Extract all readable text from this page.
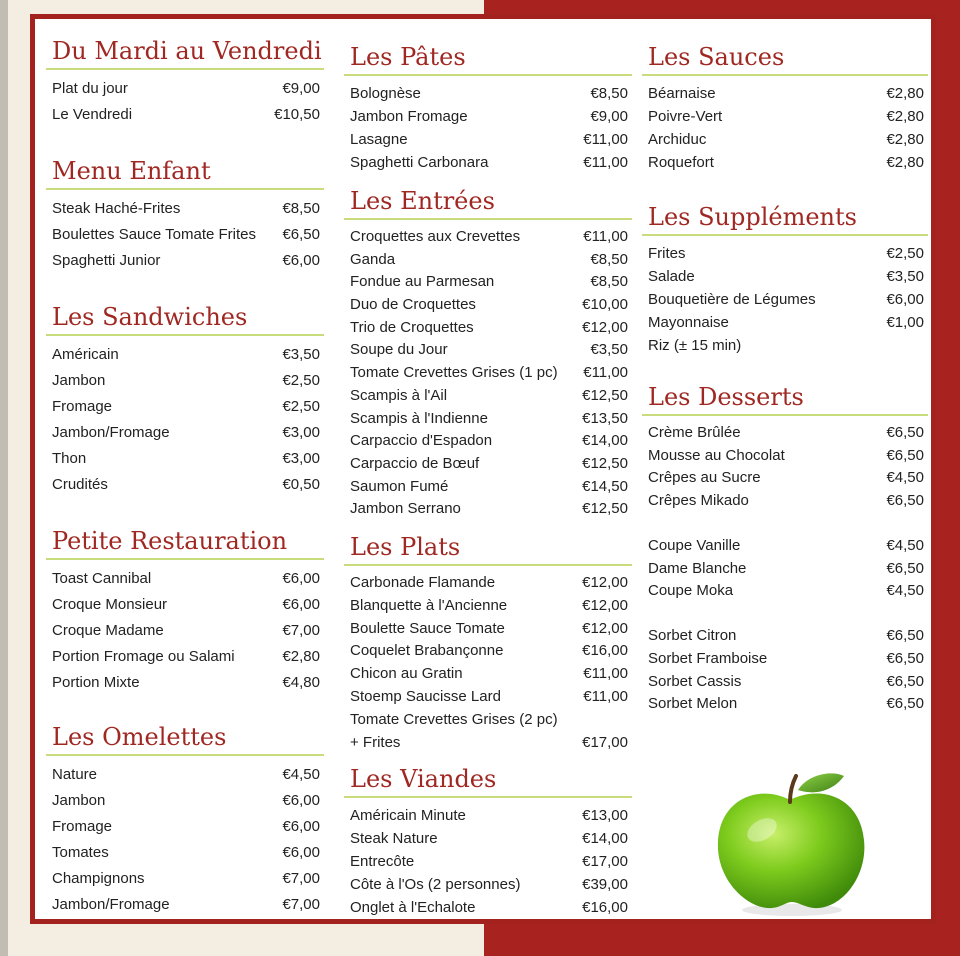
Du Mardi au Vendredi
Plat du jour	€9,00
Le Vendredi	€10,50
Menu Enfant
Steak Haché-Frites	€8,50
Boulettes Sauce Tomate Frites €6,50
Spaghetti Junior	€6,00
Les Sandwiches
Américain	€3,50
Jambon	€2,50
Fromage	€2,50
Jambon/Fromage	€3,00
Thon	€3,00
Crudités	€0,50
Petite Restauration
Toast Cannibal	€6,00
Croque Monsieur	€6,00
Croque Madame	€7,00
Portion Fromage ou Salami	€2,80
Portion Mixte	€4,80
Les Omelettes
Nature	€4,50
Jambon	€6,00
Fromage	€6,00
Tomates	€6,00
Champignons	€7,00
Jambon/Fromage	€7,00
Les Pâtes
Bolognèse	€8,50
Jambon Fromage	€9,00
Lasagne	€11,00
Spaghetti Carbonara	€11,00
Les Entrées
Croquettes aux Crevettes	€11,00
Ganda	€8,50
Fondue au Parmesan	€8,50
Duo de Croquettes	€10,00
Trio de Croquettes	€12,00
Soupe du Jour	€3,50
Tomate Crevettes Grises (1 pc) €11,00
Scampis à l'Ail	€12,50
Scampis à l'Indienne	€13,50
Carpaccio d'Espadon	€14,00
Carpaccio de Bœuf	€12,50
Saumon Fumé	€14,50
Jambon Serrano	€12,50
Les Plats
Carbonade Flamande	€12,00
Blanquette à l'Ancienne	€12,00
Boulette Sauce Tomate	€12,00
Coquelet Brabançonne	€16,00
Chicon au Gratin	€11,00
Stoemp Saucisse Lard	€11,00
Tomate Crevettes Grises (2 pc)
+ Frites	€17,00
Les Viandes
Américain Minute	€13,00
Steak Nature	€14,00
Entrecôte	€17,00
Côte à l'Os (2 personnes)	€39,00
Onglet à l'Echalote	€16,00
Les Sauces
Béarnaise	€2,80
Poivre-Vert	€2,80
Archiduc	€2,80
Roquefort	€2,80
Les Suppléments
Frites	€2,50
Salade	€3,50
Bouquetière de Légumes	€6,00
Mayonnaise	€1,00
Riz (± 15 min)
Les Desserts
Crème Brûlée	€6,50
Mousse au Chocolat	€6,50
Crêpes au Sucre	€4,50
Crêpes Mikado	€6,50
Coupe Vanille	€4,50
Dame Blanche	€6,50
Coupe Moka	€4,50
Sorbet Citron	€6,50
Sorbet Framboise	€6,50
Sorbet Cassis	€6,50
Sorbet Melon	€6,50
